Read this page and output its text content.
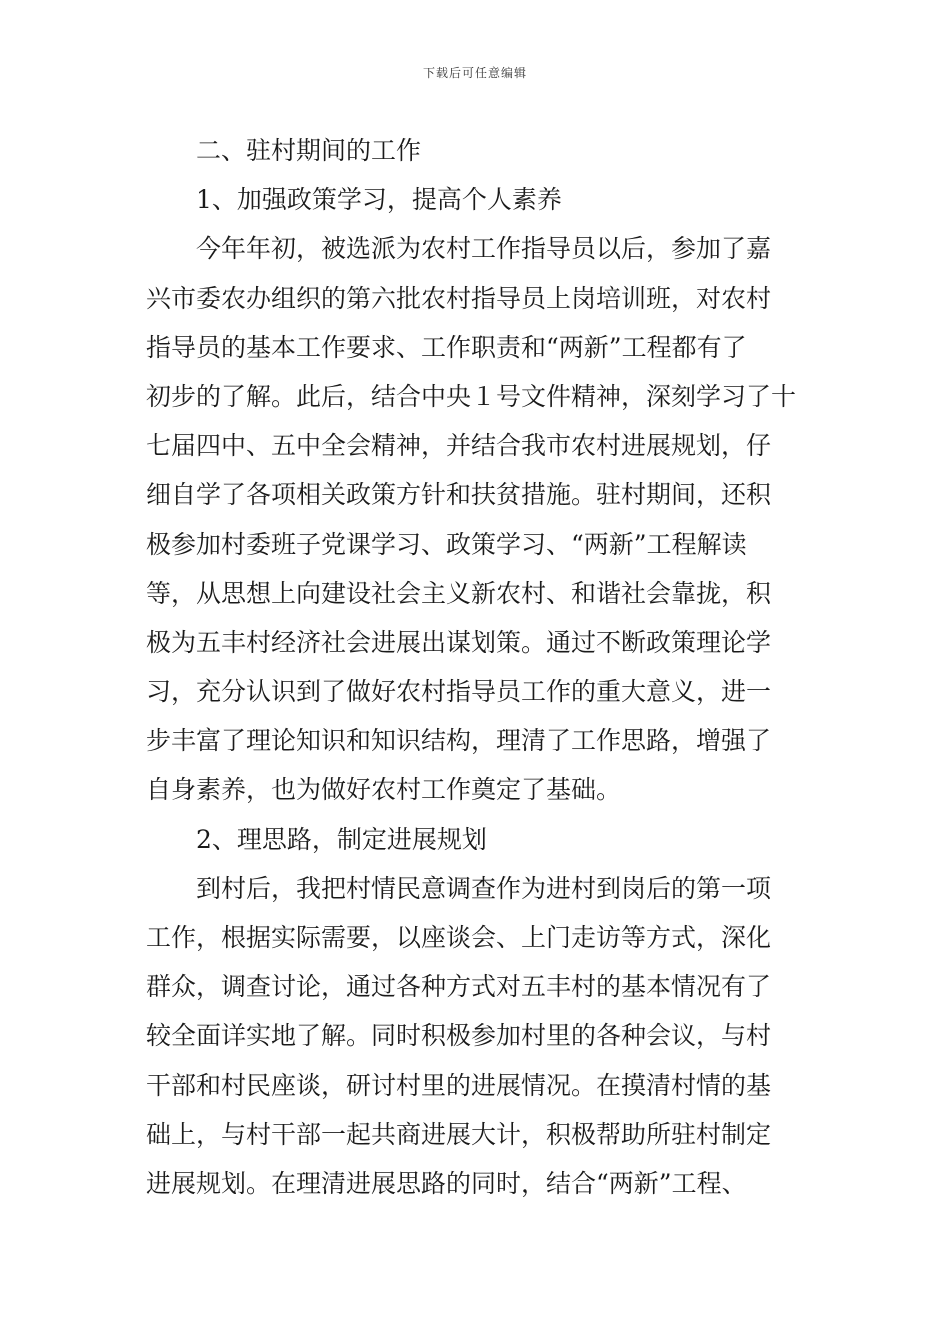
下载后可任意编辑
二、驻村期间的工作
1、加强政策学习，提高个人素养
今年年初，被选派为农村工作指导员以后，参加了嘉
兴市委农办组织的第六批农村指导员上岗培训班，对农村
指导员的基本工作要求、工作职责和“两新”工程都有了
初步的了解。此后，结合中央１号文件精神，深刻学习了十
七届四中、五中全会精神，并结合我市农村进展规划，仔
细自学了各项相关政策方针和扶贫措施。驻村期间，还积
极参加村委班子党课学习、政策学习、“两新”工程解读
等，从思想上向建设社会主义新农村、和谐社会靠拢，积
极为五丰村经济社会进展出谋划策。通过不断政策理论学
习，充分认识到了做好农村指导员工作的重大意义，进一
步丰富了理论知识和知识结构，理清了工作思路，增强了
自身素养，也为做好农村工作奠定了基础。
2、理思路，制定进展规划
到村后，我把村情民意调查作为进村到岗后的第一项
工作，根据实际需要，以座谈会、上门走访等方式，深化
群众，调查讨论，通过各种方式对五丰村的基本情况有了
较全面详实地了解。同时积极参加村里的各种会议，与村
干部和村民座谈，研讨村里的进展情况。在摸清村情的基
础上，与村干部一起共商进展大计，积极帮助所驻村制定
进展规划。在理清进展思路的同时，结合“两新”工程、
